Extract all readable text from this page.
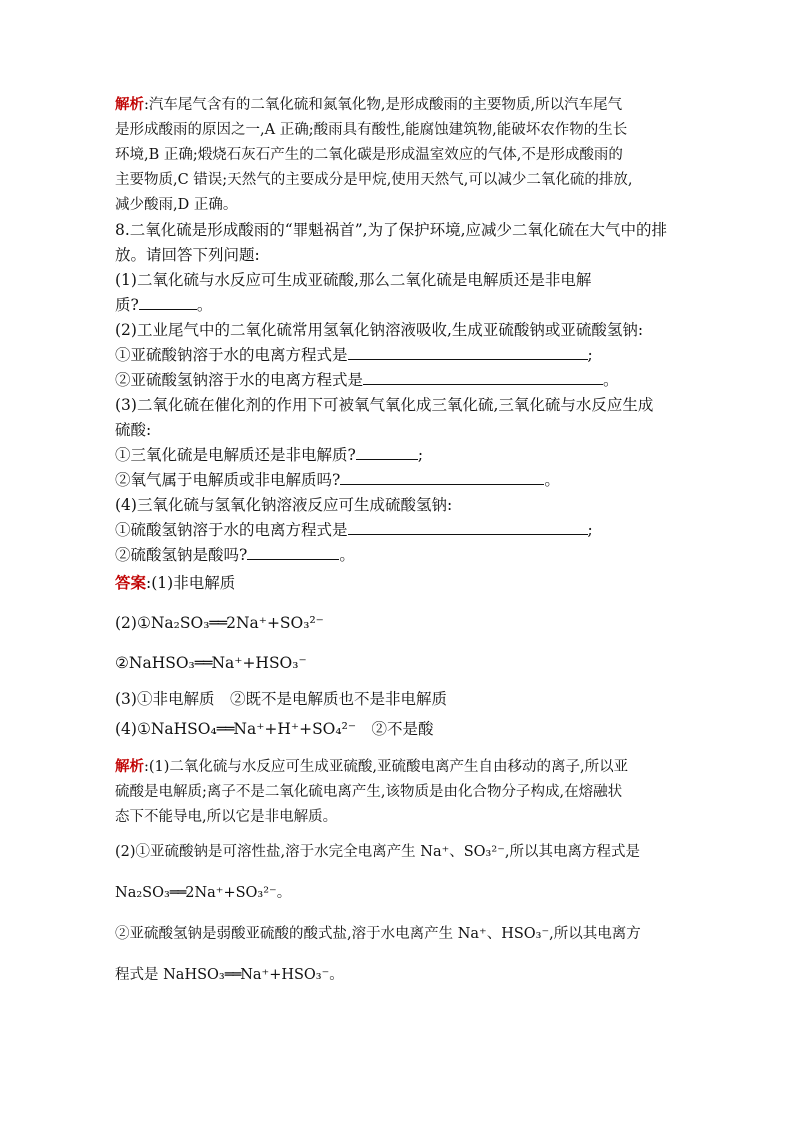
解析:汽车尾气含有的二氧化硫和氮氧化物,是形成酸雨的主要物质,所以汽车尾气

是形成酸雨的原因之一,A 正确;酸雨具有酸性,能腐蚀建筑物,能破坏农作物的生长

环境,B 正确;煅烧石灰石产生的二氧化碳是形成温室效应的气体,不是形成酸雨的

主要物质,C 错误;天然气的主要成分是甲烷,使用天然气,可以减少二氧化硫的排放,

减少酸雨,D 正确。

8.二氧化硫是形成酸雨的“罪魁祸首”,为了保护环境,应减少二氧化硫在大气中的排

放。请回答下列问题:

(1)二氧化硫与水反应可生成亚硫酸,那么二氧化硫是电解质还是非电解

质?	。

(2)工业尾气中的二氧化硫常用氢氧化钠溶液吸收,生成亚硫酸钠或亚硫酸氢钠:

①亚硫酸钠溶于水的电离方程式是	;

②亚硫酸氢钠溶于水的电离方程式是	。

(3)二氧化硫在催化剂的作用下可被氧气氧化成三氧化硫,三氧化硫与水反应生成

硫酸:

①三氧化硫是电解质还是非电解质?	;

②氧气属于电解质或非电解质吗?	。

(4)三氧化硫与氢氧化钠溶液反应可生成硫酸氢钠:

①硫酸氢钠溶于水的电离方程式是	;

②硫酸氢钠是酸吗?	。

答案:(1)非电解质

(2)①Na₂SO₃══2Na⁺+SO₃²⁻

②NaHSO₃══Na⁺+HSO₃⁻

(3)①非电解质　②既不是电解质也不是非电解质

(4)①NaHSO₄══Na⁺+H⁺+SO₄²⁻　②不是酸

解析:(1)二氧化硫与水反应可生成亚硫酸,亚硫酸电离产生自由移动的离子,所以亚

硫酸是电解质;离子不是二氧化硫电离产生,该物质是由化合物分子构成,在熔融状

态下不能导电,所以它是非电解质。

(2)①亚硫酸钠是可溶性盐,溶于水完全电离产生 Na⁺、SO₃²⁻,所以其电离方程式是

Na₂SO₃══2Na⁺+SO₃²⁻。

②亚硫酸氢钠是弱酸亚硫酸的酸式盐,溶于水电离产生 Na⁺、HSO₃⁻,所以其电离方

程式是 NaHSO₃══Na⁺+HSO₃⁻。
